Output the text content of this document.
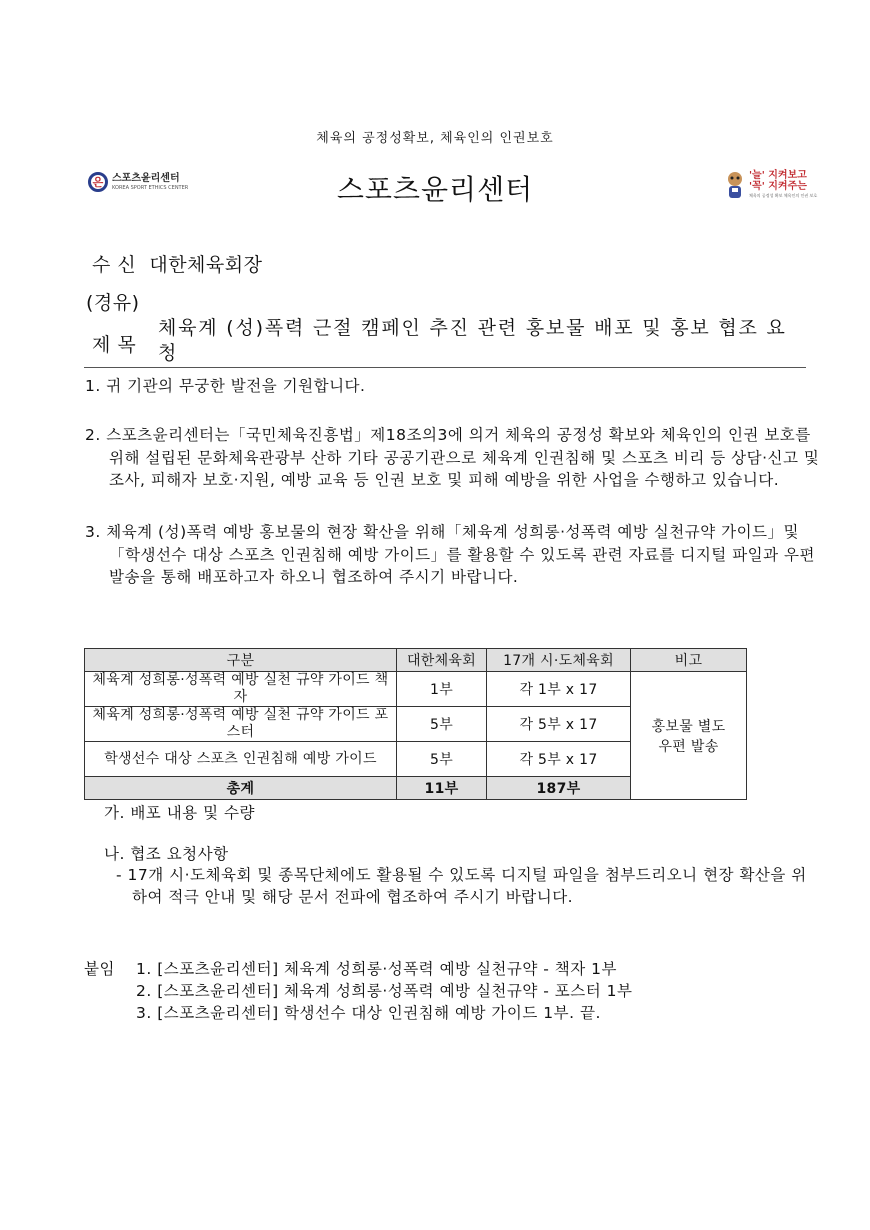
체육의 공정성확보, 체육인의 인권보호
은 스포츠윤리센터
KOREA SPORT ETHICS CENTER	스포츠윤리센터	'늘' 지켜보고
'꼭' 지켜주는
체육의 공정성 확보 체육인의 인권 보호
수 신 대한체육회장
(경유)
제 목
체육계 (성)폭력 근절 캠페인 추진 관련 홍보물 배포 및 홍보 협조 요청
1. 귀 기관의 무궁한 발전을 기원합니다.
2. 스포츠윤리센터는「국민체육진흥법」제18조의3에 의거 체육의 공정성 확보와 체육인의 인권 보호를 위해 설립된 문화체육관광부 산하 기타 공공기관으로 체육계 인권침해 및 스포츠 비리 등 상담·신고 및 조사, 피해자 보호·지원, 예방 교육 등 인권 보호 및 피해 예방을 위한 사업을 수행하고 있습니다.
3. 체육계 (성)폭력 예방 홍보물의 현장 확산을 위해「체육계 성희롱·성폭력 예방 실천규약 가이드」및「학생선수 대상 스포츠 인권침해 예방 가이드」를 활용할 수 있도록 관련 자료를 디지털 파일과 우편 발송을 통해 배포하고자 하오니 협조하여 주시기 바랍니다.
구분	대한체육회	17개 시·도체육회	비고
체육계 성희롱·성폭력 예방 실천 규약 가이드 책자	1부	각 1부 x 17	홍보물 별도
우편 발송

체육계 성희롱·성폭력 예방 실천 규약 가이드 포스터	5부	각 5부 x 17	
학생선수 대상 스포츠 인권침해 예방 가이드	5부	각 5부 x 17	
총계	11부	187부	
가. 배포 내용 및 수량
나. 협조 요청사항
- 17개 시·도체육회 및 종목단체에도 활용될 수 있도록 디지털 파일을 첨부드리오니 현장 확산을 위하여 적극 안내 및 해당 문서 전파에 협조하여 주시기 바랍니다.
붙임 1. [스포츠윤리센터] 체육계 성희롱·성폭력 예방 실천규약 - 책자 1부
2. [스포츠윤리센터] 체육계 성희롱·성폭력 예방 실천규약 - 포스터 1부
3. [스포츠윤리센터] 학생선수 대상 인권침해 예방 가이드 1부. 끝.
